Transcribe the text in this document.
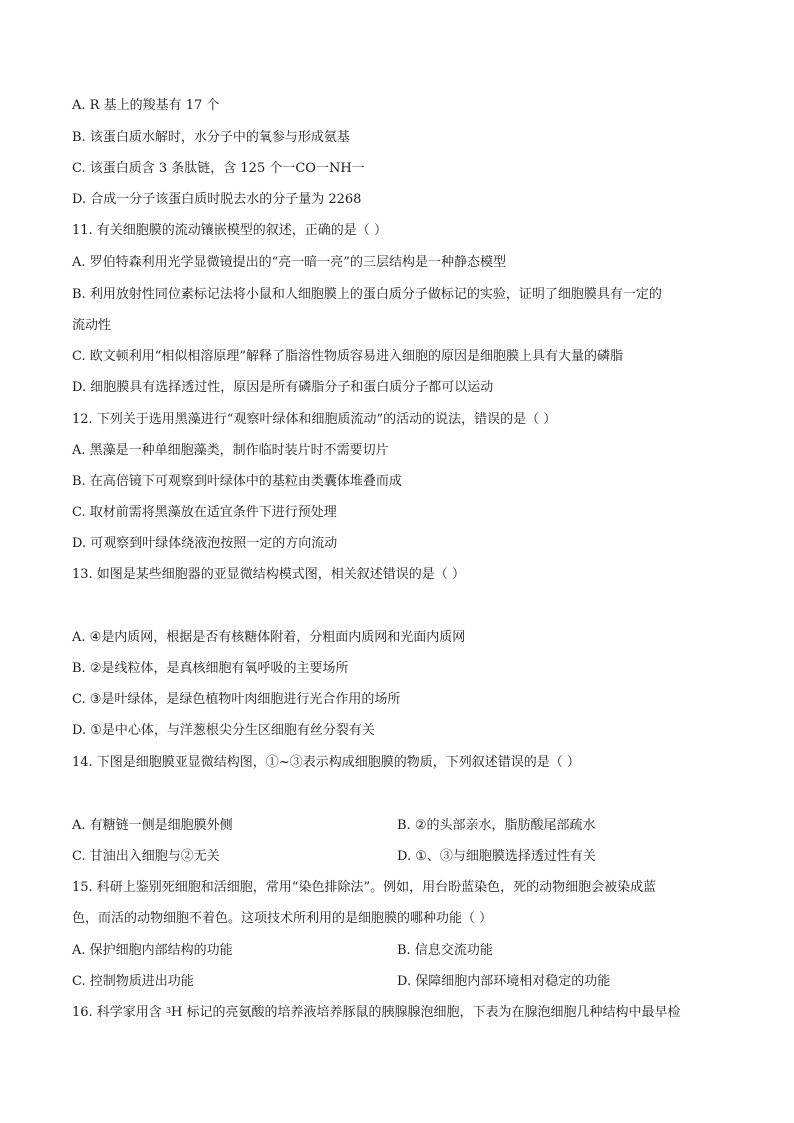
A. R 基上的羧基有 17 个
B. 该蛋白质水解时，水分子中的氧参与形成氨基
C. 该蛋白质含 3 条肽链，含 125 个一CO一NH一
D. 合成一分子该蛋白质时脱去水的分子量为 2268
11. 有关细胞膜的流动镶嵌模型的叙述，正确的是（ ）
A. 罗伯特森利用光学显微镜提出的“亮一暗一亮”的三层结构是一种静态模型
B. 利用放射性同位素标记法将小鼠和人细胞膜上的蛋白质分子做标记的实验，证明了细胞膜具有一定的
流动性
C. 欧文顿利用“相似相溶原理”解释了脂溶性物质容易进入细胞的原因是细胞膜上具有大量的磷脂
D. 细胞膜具有选择透过性，原因是所有磷脂分子和蛋白质分子都可以运动
12. 下列关于选用黑藻进行“观察叶绿体和细胞质流动”的活动的说法，错误的是（ ）
A. 黑藻是一种单细胞藻类，制作临时装片时不需要切片
B. 在高倍镜下可观察到叶绿体中的基粒由类囊体堆叠而成
C. 取材前需将黑藻放在适宜条件下进行预处理
D. 可观察到叶绿体绕液泡按照一定的方向流动
13. 如图是某些细胞器的亚显微结构模式图，相关叙述错误的是（ ）
A. ④是内质网，根据是否有核糖体附着，分粗面内质网和光面内质网
B. ②是线粒体，是真核细胞有氧呼吸的主要场所
C. ③是叶绿体，是绿色植物叶肉细胞进行光合作用的场所
D. ①是中心体，与洋葱根尖分生区细胞有丝分裂有关
14. 下图是细胞膜亚显微结构图，①~③表示构成细胞膜的物质，下列叙述错误的是（ ）
A. 有糖链一侧是细胞膜外侧	B. ②的头部亲水，脂肪酸尾部疏水
C. 甘油出入细胞与②无关	D. ①、③与细胞膜选择透过性有关
15. 科研上鉴别死细胞和活细胞，常用“染色排除法”。例如，用台盼蓝染色，死的动物细胞会被染成蓝
色，而活的动物细胞不着色。这项技术所利用的是细胞膜的哪种功能（ ）
A. 保护细胞内部结构的功能	B. 信息交流功能
C. 控制物质进出功能	D. 保障细胞内部环境相对稳定的功能
16. 科学家用含 $^3$H 标记的亮氨酸的培养液培养豚鼠的胰腺腺泡细胞，下表为在腺泡细胞几种结构中最早检
